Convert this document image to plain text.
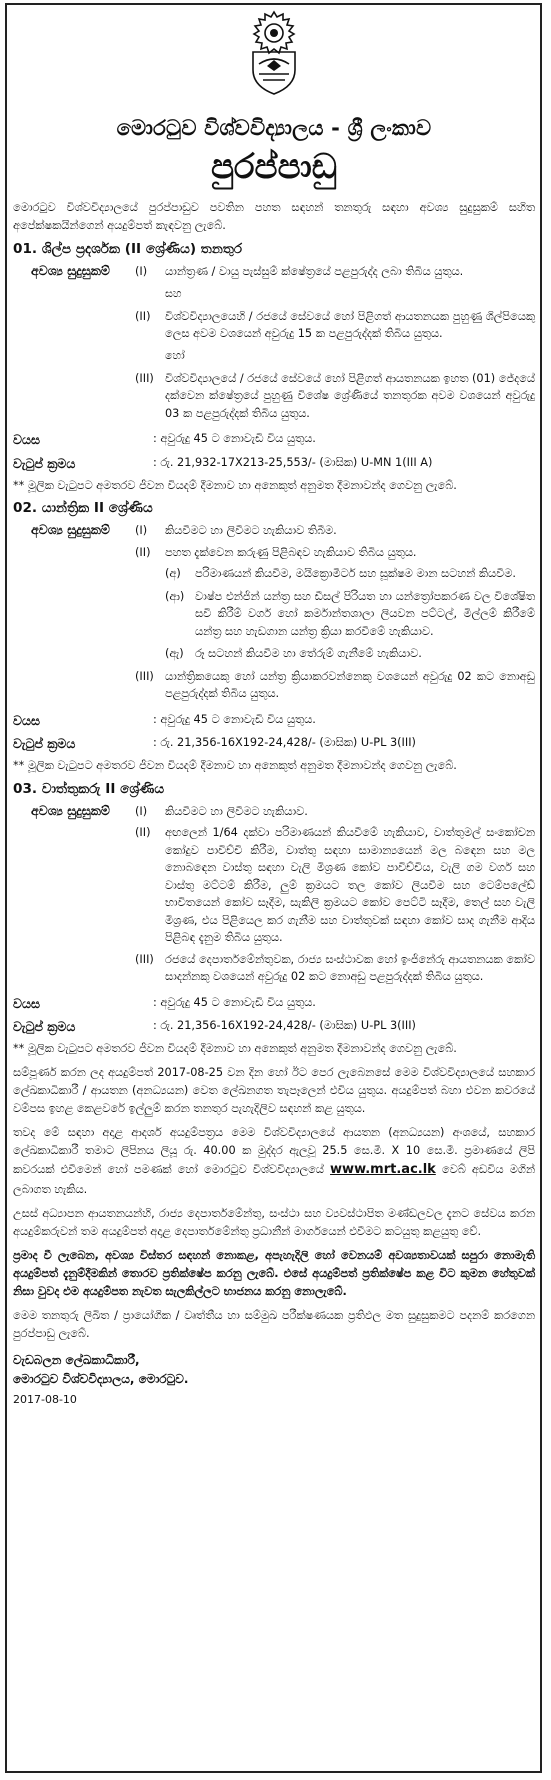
මොරටුව විශ්වවිද්‍යාලය - ශ්‍රී ලංකාව
පුරප්පාඩු

මොරටුව විශ්වවිද්‍යාලයේ පුරප්පාඩුව පවතින පහත සඳහන් තනතුරු සඳහා අවශ්‍ය සුදුසුකම් සහිත අපේක්ෂකයින්ගෙන් අයදුම්පත් කැඳවනු ලැබේ.

01. ශිල්ප ප්‍රදර්ශක (II ශ්‍රේණිය) තනතුර
අවශ්‍ය සුදුසුකම්	(I)	යාන්ත්‍රණ / වායු පැස්සුම් ක්ෂේත්‍රයේ පළපුරුද්ද ලබා තිබිය යුතුය.
සහ
(II)	විශ්වවිද්‍යාලයෙහි / රජයේ සේවයේ හෝ පිළිගත් ආයතනයක පුහුණු ශිල්පියෙකු ලෙස අවම වශයෙන් අවුරුදු 15 ක පළපුරුද්දක් තිබිය යුතුය.
හෝ
(III) විශ්වවිද්‍යාලයේ / රජයේ සේවයේ හෝ පිළිගත් ආයතනයක ඉහත (01) ජේදයේ දක්වෙන ක්ෂේත්‍රයේ පුහුණු විශේෂ ශ්‍රේණියේ තනතුරක අවම වශයෙන් අවුරුදු 03 ක පළපුරුද්දක් තිබිය යුතුය.
වයස	: අවුරුදු 45 ට නොවැඩි විය යුතුය.
වැටුප් ක්‍රමය	: රු. 21,932-17X213-25,553/- (මාසික) U-MN 1(III A)

** මූලික වැටුපට අමතරව ජීවන වියදම් දීමනාව හා අනෙකුත් අනුමත දීමනාවන්ද ගෙවනු ලැබේ.

02. යාන්ත්‍රික II ශ්‍රේණිය
අවශ්‍ය සුදුසුකම්	(I)	කියවීමට හා ලිවීමට හැකියාව තිබීම.
(II)	පහත දැක්වෙන කරුණු පිළිබඳව හැකියාව තිබිය යුතුය.
(අ)	පරිමාණයන් කියවීම, මයික්‍රොමීටර් සහ සූක්ෂම මාන සටහන් කියවීම.
(ආ) වාෂ්ප එන්ජින් යන්ත්‍ර සහ ඩීසල් පිරියත හා යන්ත්‍රෝපකරණ වල විශේෂිත සවි කිරීම් වර්ග හෝ කර්මාන්තශාලා ලියවන පට්ටල්, මිල්ලම් කිරීමේ යන්ත්‍ර සහ හැඩගාන යන්ත්‍ර ක්‍රියා කරවීමේ හැකියාව.
(ඇ)	රූ සටහන් කියවීම හා තේරුම් ගැනීමේ හැකියාව.
(III) යාන්ත්‍රිකයෙකු හෝ යන්ත්‍ර ක්‍රියාකරවන්නෙකු වශයෙන් අවුරුදු 02 කට නොඅඩු පළපුරුද්දක් තිබිය යුතුය.
වයස	: අවුරුදු 45 ට නොවැඩි විය යුතුය.
වැටුප් ක්‍රමය	: රු. 21,356-16X192-24,428/- (මාසික) U-PL 3(III)

** මූලික වැටුපට අමතරව ජීවන වියදම් දීමනාව හා අනෙකුත් අනුමත දීමනාවන්ද ගෙවනු ලැබේ.

03. වාත්තුකරු II ශ්‍රේණිය
අවශ්‍ය සුදුසුකම්	(I)	කියවීමට හා ලිවීමට හැකියාව.
(II)	අඟලෙන් 1/64 දක්වා පරිමාණයන් කියවීමේ හැකියාව, වාත්තුමල් සංකෝචන කෝදුව පාවිච්චි කිරීම, වාත්තු සඳහා සාමාන්‍යයෙන් මල බඳෙන සහ මල නොබඳෙන වාස්තු සඳහා වැලි මිශ්‍රණ කෝව පාවිච්චිය, වැලි ගම වර්ග සහ වාස්තු මට්ටම් කිරීම, ලුම් ක්‍රමයට තල කෝව ලියවීම සහ ටෙම්පලේඩ් භාවිතයෙන් කෝව සෑදීම, සැකිලි ක්‍රමයට කෝව පෙට්ටි සෑදීම, තෙල් සහ වැලි මිශ්‍රණ, එය පිළියෙල කර ගැනීම සහ වාත්තුවක් සඳහා කෝව සාද ගැනීම ආදිය පිළිබඳ දැනුම තිබිය යුතුය.
(III) රජයේ දෙපාර්තමේන්තුවක, රාජ්‍ය සංස්ථාවක හෝ ඉංජිනේරු ආයතනයක කෝව සාදන්නකු වශයෙන් අවුරුදු 02 කට නොඅඩු පළපුරුද්දක් තිබිය යුතුය.
වයස	: අවුරුදු 45 ට නොවැඩි විය යුතුය.
වැටුප් ක්‍රමය	: රු. 21,356-16X192-24,428/- (මාසික) U-PL 3(III)

** මූලික වැටුපට අමතරව ජීවන වියදම් දීමනාව හා අනෙකුත් අනුමත දීමනාවන්ද ගෙවනු ලැබේ.

සම්පූර්ණ කරන ලද අයදුම්පත් 2017-08-25 වන දින හෝ ඊට පෙර ලැබෙනසේ මෙම විශ්වවිද්‍යාලයේ සහකාර ලේඛකාධිකාරී / ආයතන (අනධ්‍යයන) වෙත ලේඛනගත තැපෑලෙන් එවිය යුතුය. අයදුම්පත් බහා එවන කවරයේ වම්පස ඉහළ කෙළවරේ ඉල්ලුම් කරන තනතුර පැහැදිලිව සඳහන් කළ යුතුය.

තවද මේ සඳහා අදාළ ආදර්ශ අයදුම්පත්‍රය මෙම විශ්වවිද්‍යාලයේ ආයතන (අනධ්‍යයන) අංශයේ, සහකාර ලේඛකාධිකාරී තමාට ලිපිනය ලියූ රු. 40.00 ක මුද්දර ඇලවූ 25.5 සෙ.මී. X 10 සෙ.මී. ප්‍රමාණයේ ලිපි කවරයක් එවීමෙන් හෝ පමණක් හෝ මොරටුව විශ්වවිද්‍යාලයේ www.mrt.ac.lk වෙබ් අඩවිය මගින් ලබාගත හැකිය.

උසස් අධ්‍යාපන ආයතනයන්හි, රාජ්‍ය දෙපාර්තමේන්තු, සංස්ථා සහ ව්‍යවස්ථාපිත මණ්ඩලවල දැනට සේවය කරන අයදුම්කරුවන් තම අයදුම්පත් අදාළ දෙපාර්තමේන්තු ප්‍රධානීන් මාර්ගයෙන් එවීමට කටයුතු කළයුතු වේ.

ප්‍රමාද වී ලැබෙන, අවශ්‍ය විස්තර සඳහන් නොකළ, අපැහැදිලි හෝ වෙනයම් අවශ්‍යතාවයක් සපුරා නොමැති අයදුම්පත් දැනුම්දීමකින් තොරව ප්‍රතික්ෂේප කරනු ලැබේ. එසේ අයදුම්පත් ප්‍රතික්ෂේප කළ විට කුමන හේතුවක් නිසා වුවද එම අයදුම්පත නැවත සැලකිල්ලට භාජනය කරනු නොලැබේ.

මෙම තනතුරු ලිඛිත / ප්‍රායෝගික / වෘත්තීය හා සම්මුඛ පරීක්ෂණයක ප්‍රතිඵල මත සුදුසුකමට පදනම් කරගෙන පුරප්පාඩු ලැබේ.

වැඩබලන ලේඛකාධිකාරී,
මොරටුව විශ්වවිද්‍යාලය, මොරටුව.
2017-08-10
